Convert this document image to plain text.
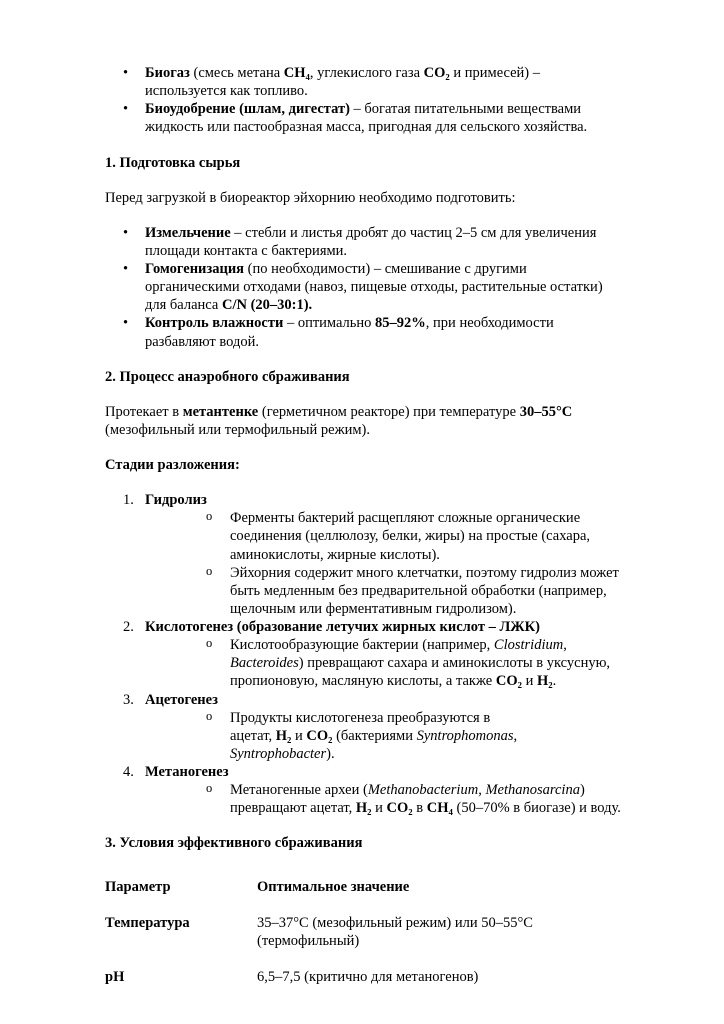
• Биогаз (смесь метана CH₄, углекислого газа CO₂ и примесей) – используется как топливо.
• Биоудобрение (шлам, дигестат) – богатая питательными веществами жидкость или пастообразная масса, пригодная для сельского хозяйства.
1. Подготовка сырья
Перед загрузкой в биореактор эйхорнию необходимо подготовить:
• Измельчение – стебли и листья дробят до частиц 2–5 см для увеличения площади контакта с бактериями.
• Гомогенизация (по необходимости) – смешивание с другими органическими отходами (навоз, пищевые отходы, растительные остатки) для баланса C/N (20–30:1).
• Контроль влажности – оптимально 85–92%, при необходимости разбавляют водой.
2. Процесс анаэробного сбраживания
Протекает в метантенке (герметичном реакторе) при температуре 30–55°C (мезофильный или термофильный режим).
Стадии разложения:
1. Гидролиз
o Ферменты бактерий расщепляют сложные органические соединения (целлюлозу, белки, жиры) на простые (сахара, аминокислоты, жирные кислоты).
o Эйхорния содержит много клетчатки, поэтому гидролиз может быть медленным без предварительной обработки (например, щелочным или ферментативным гидролизом).
2. Кислотогенез (образование летучих жирных кислот – ЛЖК)
o Кислотообразующие бактерии (например, Clostridium, Bacteroides) превращают сахара и аминокислоты в уксусную, пропионовую, масляную кислоты, а также CO₂ и H₂.
3. Ацетогенез
o Продукты кислотогенеза преобразуются в
ацетат, H₂ и CO₂ (бактериями Syntrophomonas, Syntrophobacter).
4. Метаногенез
o Метаногенные археи (Methanobacterium, Methanosarcina) превращают ацетат, H₂ и CO₂ в CH₄ (50–70% в биогазе) и воду.
3. Условия эффективного сбраживания
Параметр	Оптимальное значение
Температура	35–37°C (мезофильный режим) или 50–55°C (термофильный)
pH	6,5–7,5 (критично для метаногенов)
